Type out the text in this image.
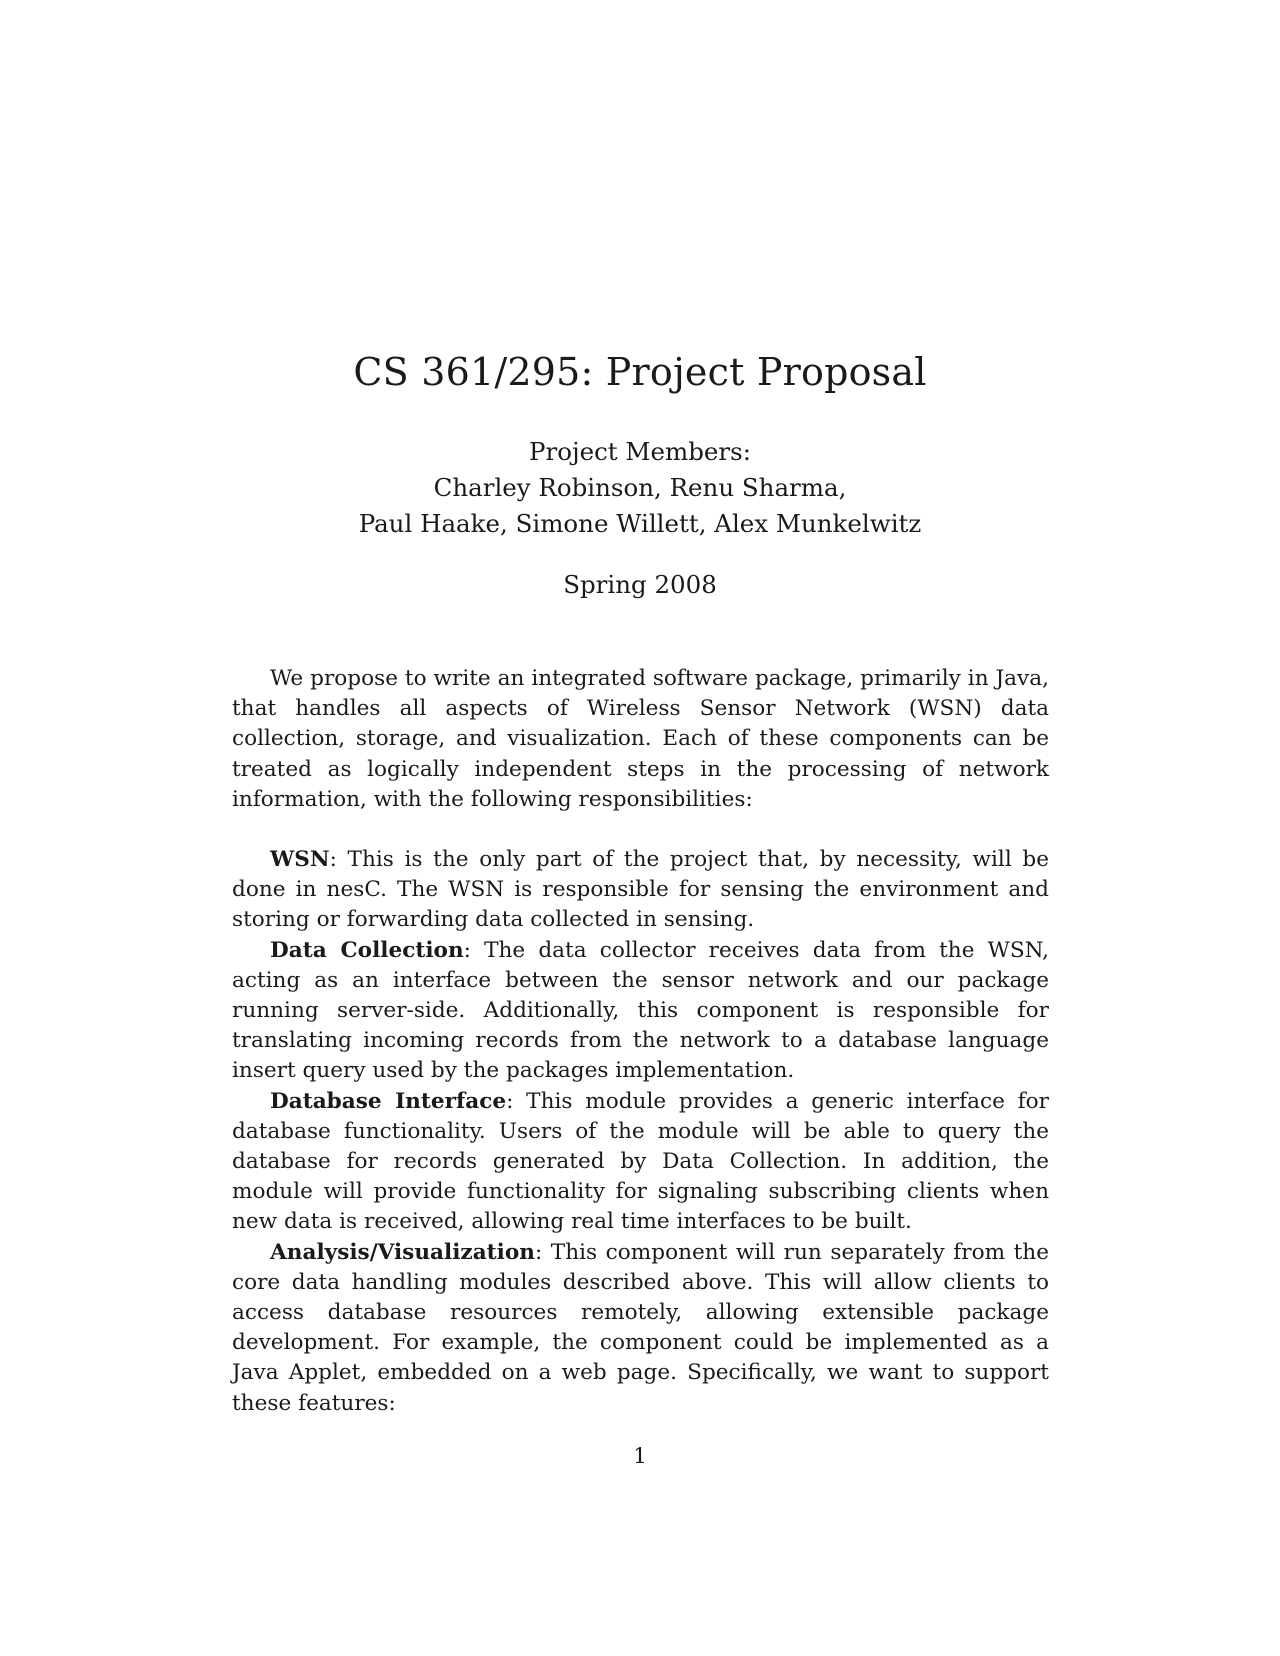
CS 361/295: Project Proposal
Project Members:
Charley Robinson, Renu Sharma,
Paul Haake, Simone Willett, Alex Munkelwitz
Spring 2008

We propose to write an integrated software package, primarily in Java, that handles all aspects of Wireless Sensor Network (WSN) data collection, storage, and visualization. Each of these components can be treated as logically independent steps in the processing of network information, with the following responsibilities:

WSN: This is the only part of the project that, by necessity, will be done in nesC. The WSN is responsible for sensing the environment and storing or forwarding data collected in sensing.

Data Collection: The data collector receives data from the WSN, acting as an interface between the sensor network and our package running server-side. Additionally, this component is responsible for translating incoming records from the network to a database language insert query used by the packages implementation.

Database Interface: This module provides a generic interface for database functionality. Users of the module will be able to query the database for records generated by Data Collection. In addition, the module will provide functionality for signaling subscribing clients when new data is received, allowing real time interfaces to be built.

Analysis/Visualization: This component will run separately from the core data handling modules described above. This will allow clients to access database resources remotely, allowing extensible package development. For example, the component could be implemented as a Java Applet, embedded on a web page. Specifically, we want to support these features:

1
